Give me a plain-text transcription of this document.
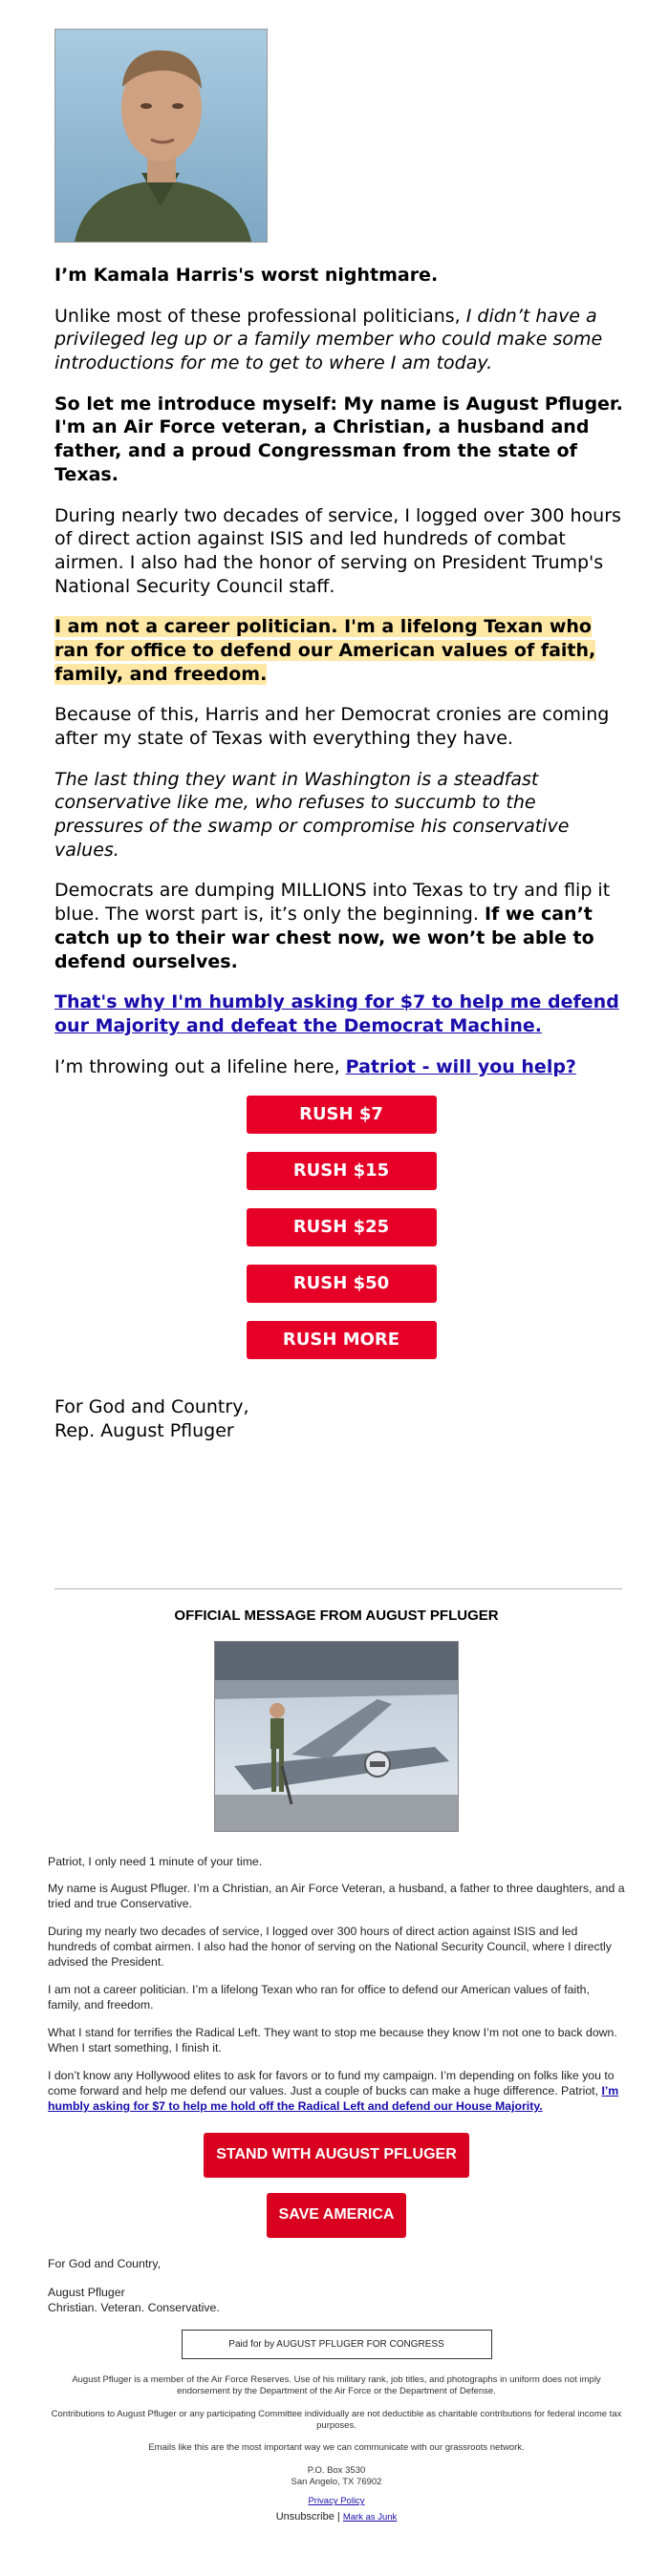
I’m Kamala Harris's worst nightmare.

Unlike most of these professional politicians, I didn’t have a privileged leg up or a family member who could make some introductions for me to get to where I am today.

So let me introduce myself: My name is August Pfluger. I'm an Air Force veteran, a Christian, a husband and father, and a proud Congressman from the state of Texas.

During nearly two decades of service, I logged over 300 hours of direct action against ISIS and led hundreds of combat airmen. I also had the honor of serving on President Trump's National Security Council staff.

I am not a career politician. I'm a lifelong Texan who ran for office to defend our American values of faith, family, and freedom.

Because of this, Harris and her Democrat cronies are coming after my state of Texas with everything they have.

The last thing they want in Washington is a steadfast conservative like me, who refuses to succumb to the pressures of the swamp or compromise his conservative values.

Democrats are dumping MILLIONS into Texas to try and flip it blue. The worst part is, it’s only the beginning. If we can’t catch up to their war chest now, we won’t be able to defend ourselves.

That's why I'm humbly asking for $7 to help me defend our Majority and defeat the Democrat Machine.

I’m throwing out a lifeline here, Patriot - will you help?

RUSH $7
RUSH $15
RUSH $25
RUSH $50
RUSH MORE
For God and Country,
Rep. August Pfluger

OFFICIAL MESSAGE FROM AUGUST PFLUGER

Patriot, I only need 1 minute of your time.

My name is August Pfluger. I’m a Christian, an Air Force Veteran, a husband, a father to three daughters, and a tried and true Conservative.

During my nearly two decades of service, I logged over 300 hours of direct action against ISIS and led hundreds of combat airmen. I also had the honor of serving on the National Security Council, where I directly advised the President.

I am not a career politician. I’m a lifelong Texan who ran for office to defend our American values of faith, family, and freedom.

What I stand for terrifies the Radical Left. They want to stop me because they know I’m not one to back down. When I start something, I finish it.

I don’t know any Hollywood elites to ask for favors or to fund my campaign. I’m depending on folks like you to come forward and help me defend our values. Just a couple of bucks can make a huge difference. Patriot, I’m humbly asking for $7 to help me hold off the Radical Left and defend our House Majority.

STAND WITH AUGUST PFLUGER
SAVE AMERICA
For God and Country,
August Pfluger
Christian. Veteran. Conservative.
Paid for by AUGUST PFLUGER FOR CONGRESS

August Pfluger is a member of the Air Force Reserves. Use of his military rank, job titles, and photographs in uniform does not imply endorsement by the Department of the Air Force or the Department of Defense.

Contributions to August Pfluger or any participating Committee individually are not deductible as charitable contributions for federal income tax purposes.

Emails like this are the most important way we can communicate with our grassroots network.

P.O. Box 3530
San Angelo, TX 76902

Privacy Policy

Unsubscribe | Mark as Junk
